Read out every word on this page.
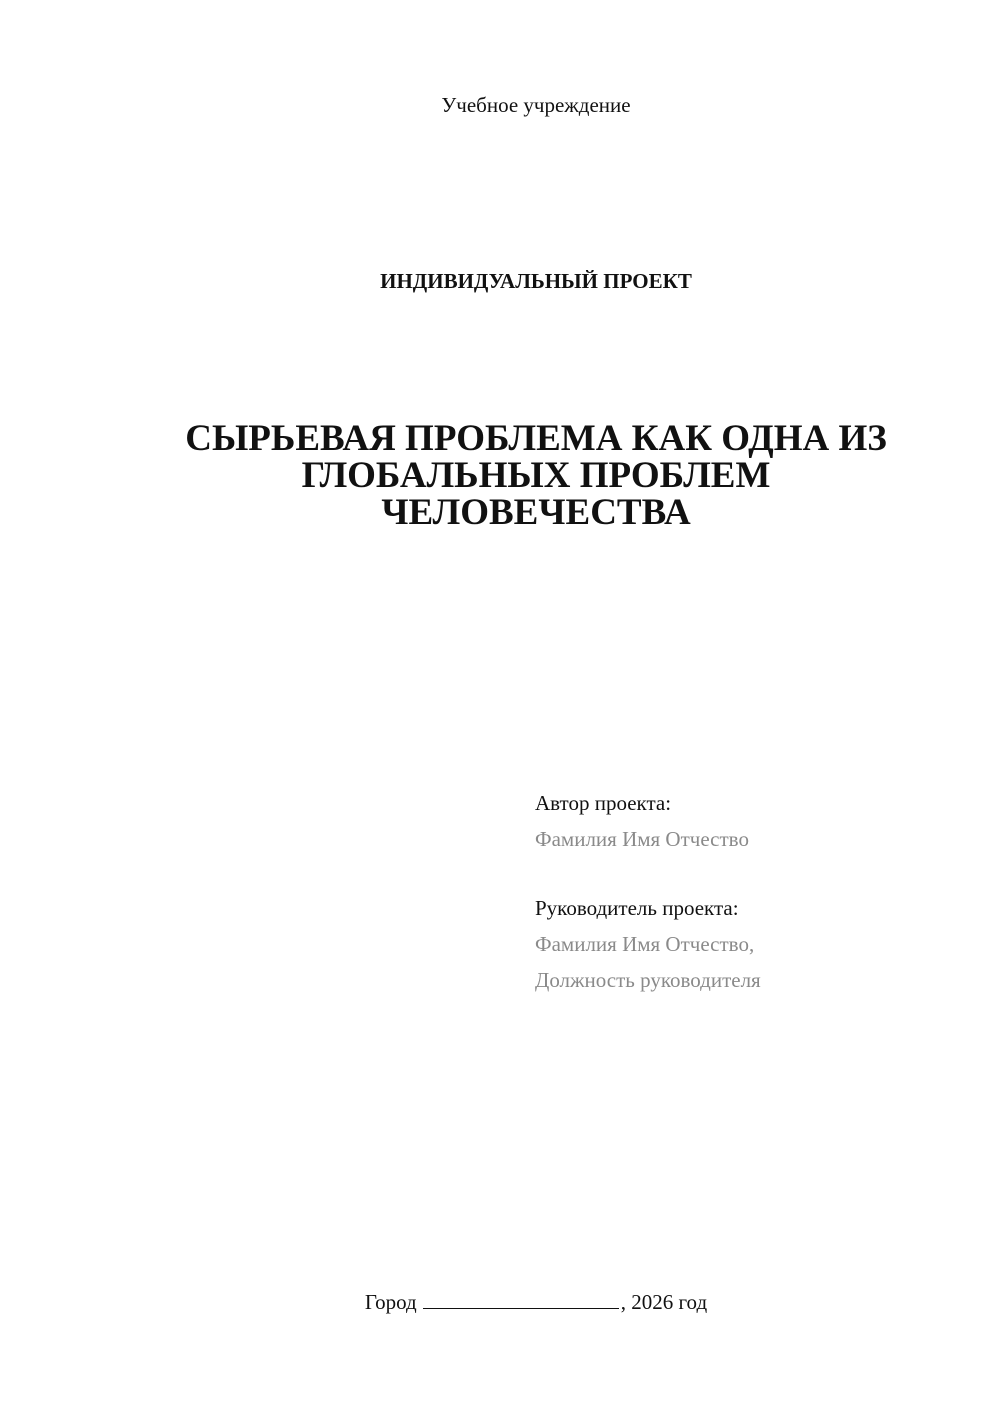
Учебное учреждение
ИНДИВИДУАЛЬНЫЙ ПРОЕКТ
СЫРЬЕВАЯ ПРОБЛЕМА КАК ОДНА ИЗ
ГЛОБАЛЬНЫХ ПРОБЛЕМ
ЧЕЛОВЕЧЕСТВА
Автор проекта:
Фамилия Имя Отчество
Руководитель проекта:
Фамилия Имя Отчество,
Должность руководителя
Город	, 2026 год
